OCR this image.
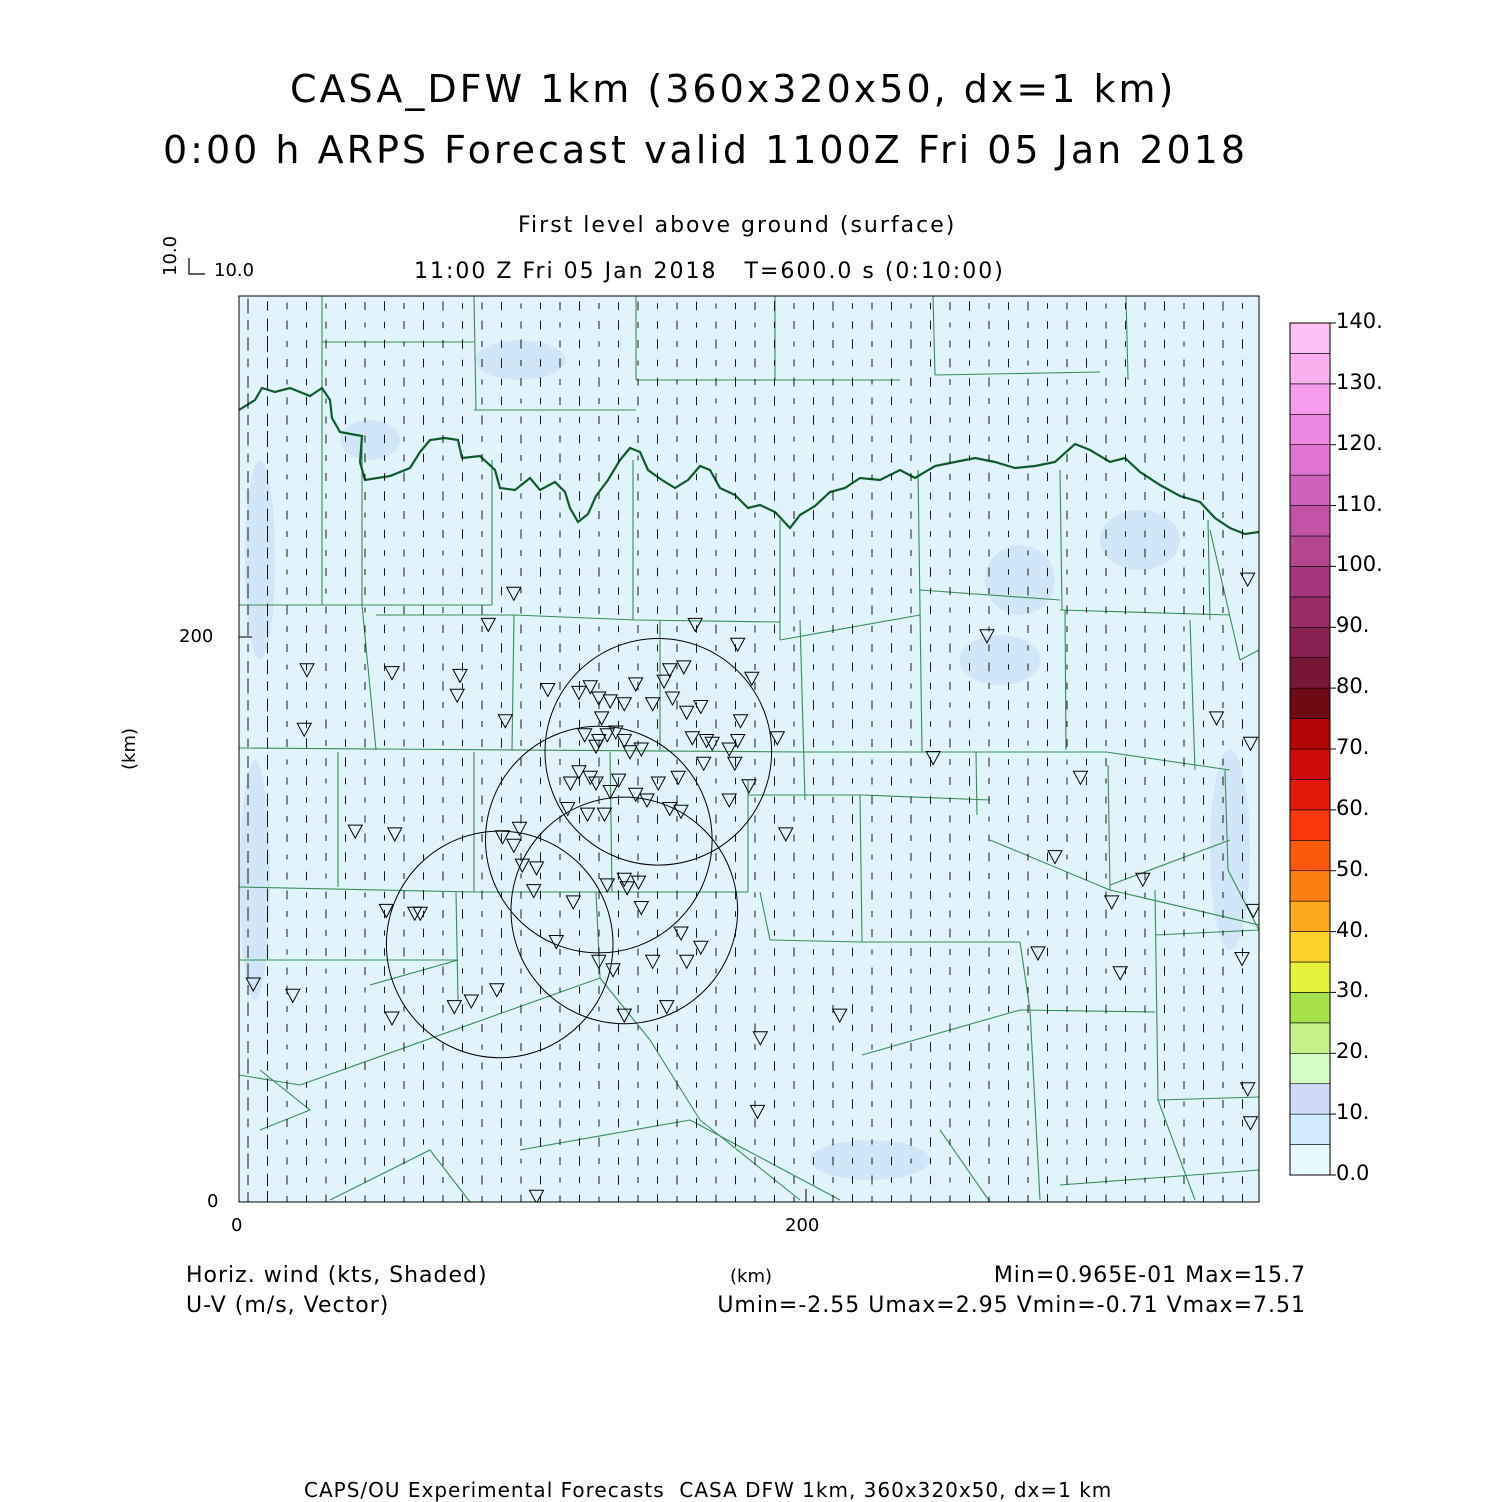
CASA_DFW 1km (360x320x50, dx=1 km)
0:00 h ARPS Forecast valid 1100Z Fri 05 Jan 2018
First level above ground (surface)
11:00 Z Fri 05 Jan 2018   T=600.0 s (0:10:00)
10.0 10.0
200
0
0	200
(km)
(km)
Horiz. wind (kts, Shaded)
U-V (m/s, Vector)
Min=0.965E-01 Max=15.7
Umin=-2.55 Umax=2.95 Vmin=-0.71 Vmax=7.51
0.0
10.
20.
30.
40.
50.
60.
70.
80.
90.
100.
110.
120.
130.
140.
CAPS/OU Experimental Forecasts  CASA DFW 1km, 360x320x50, dx=1 km
